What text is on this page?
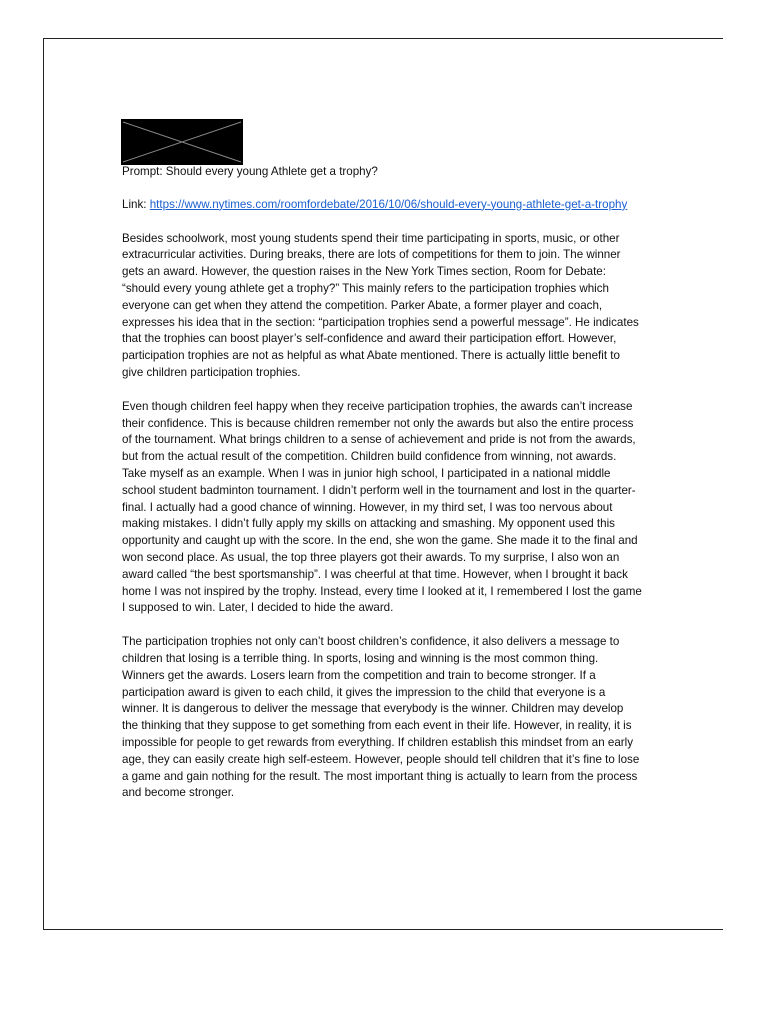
Prompt: Should every young Athlete get a trophy?

Link: https://www.nytimes.com/roomfordebate/2016/10/06/should-every-young-athlete-get-a-trophy

Besides schoolwork, most young students spend their time participating in sports, music, or other extracurricular activities. During breaks, there are lots of competitions for them to join. The winner gets an award. However, the question raises in the New York Times section, Room for Debate: “should every young athlete get a trophy?” This mainly refers to the participation trophies which everyone can get when they attend the competition. Parker Abate, a former player and coach, expresses his idea that in the section: “participation trophies send a powerful message”. He indicates that the trophies can boost player’s self-confidence and award their participation effort. However, participation trophies are not as helpful as what Abate mentioned. There is actually little benefit to give children participation trophies.

Even though children feel happy when they receive participation trophies, the awards can’t increase their confidence. This is because children remember not only the awards but also the entire process of the tournament. What brings children to a sense of achievement and pride is not from the awards, but from the actual result of the competition. Children build confidence from winning, not awards. Take myself as an example. When I was in junior high school, I participated in a national middle school student badminton tournament. I didn’t perform well in the tournament and lost in the quarter-final. I actually had a good chance of winning. However, in my third set, I was too nervous about making mistakes. I didn’t fully apply my skills on attacking and smashing. My opponent used this opportunity and caught up with the score. In the end, she won the game. She made it to the final and won second place. As usual, the top three players got their awards. To my surprise, I also won an award called “the best sportsmanship”. I was cheerful at that time. However, when I brought it back home I was not inspired by the trophy. Instead, every time I looked at it, I remembered I lost the game I supposed to win. Later, I decided to hide the award.

The participation trophies not only can’t boost children’s confidence, it also delivers a message to children that losing is a terrible thing. In sports, losing and winning is the most common thing. Winners get the awards. Losers learn from the competition and train to become stronger. If a participation award is given to each child, it gives the impression to the child that everyone is a winner. It is dangerous to deliver the message that everybody is the winner. Children may develop the thinking that they suppose to get something from each event in their life. However, in reality, it is impossible for people to get rewards from everything. If children establish this mindset from an early age, they can easily create high self-esteem. However, people should tell children that it’s fine to lose a game and gain nothing for the result. The most important thing is actually to learn from the process and become stronger.
